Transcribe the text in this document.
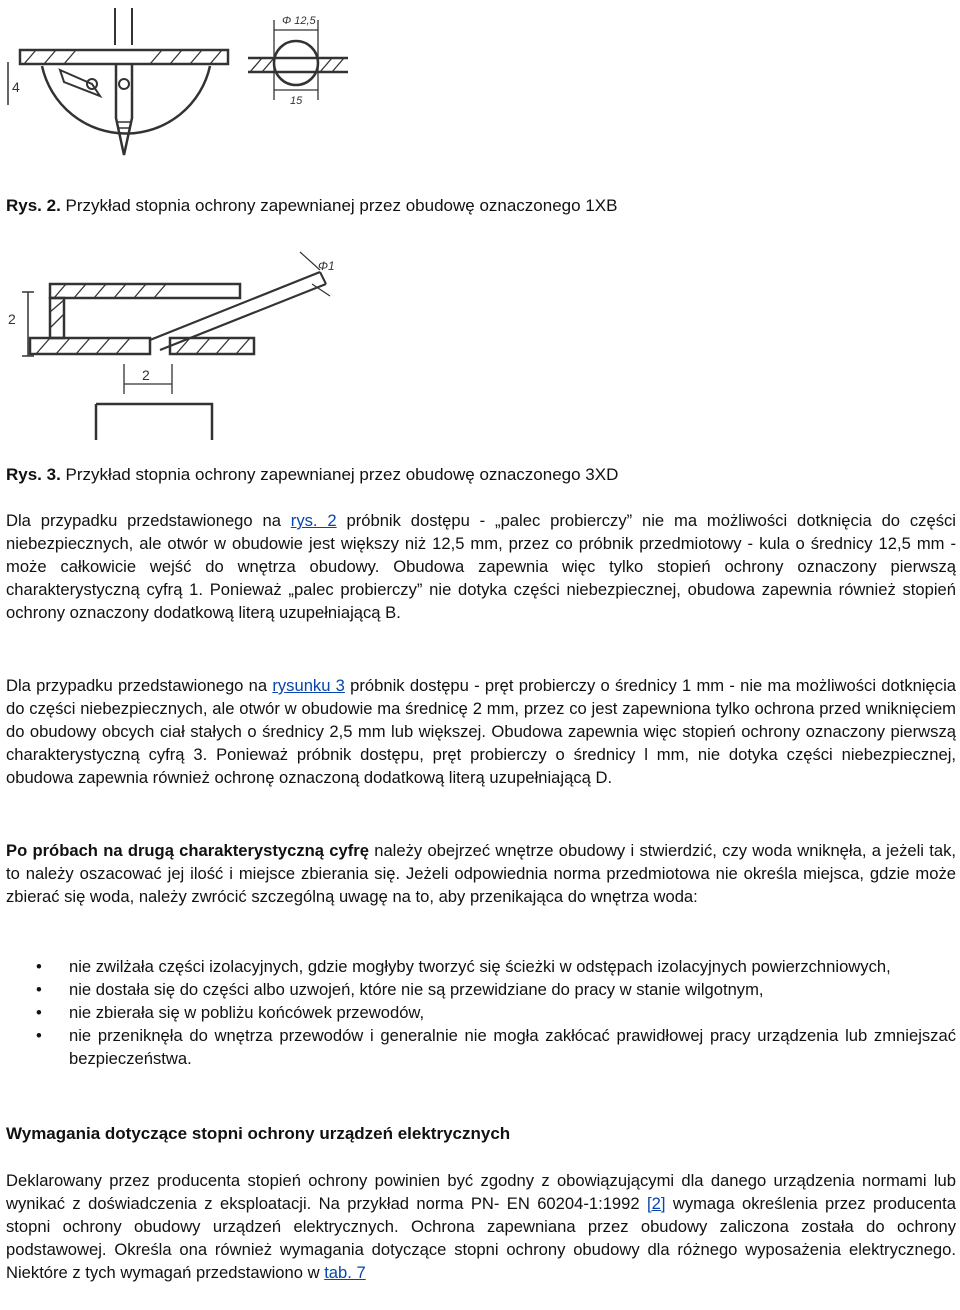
4
Φ 12,5
15

Rys. 2. Przykład stopnia ochrony zapewnianej przez obudowę oznaczonego 1XB

2
Φ1
2

Rys. 3. Przykład stopnia ochrony zapewnianej przez obudowę oznaczonego 3XD

Dla przypadku przedstawionego na rys. 2 próbnik dostępu - „palec probierczy” nie ma możliwości dotknięcia do części niebezpiecznych, ale otwór w obudowie jest większy niż 12,5 mm, przez co próbnik przedmiotowy - kula o średnicy 12,5 mm - może całkowicie wejść do wnętrza obudowy. Obudowa zapewnia więc tylko stopień ochrony oznaczony pierwszą charakterystyczną cyfrą 1. Ponieważ „palec probierczy” nie dotyka części niebezpiecznej, obudowa zapewnia również stopień ochrony oznaczony dodatkową literą uzupełniającą B.

Dla przypadku przedstawionego na rysunku 3 próbnik dostępu - pręt probierczy o średnicy 1 mm - nie ma możliwości dotknięcia do części niebezpiecznych, ale otwór w obudowie ma średnicę 2 mm, przez co jest zapewniona tylko ochrona przed wniknięciem do obudowy obcych ciał stałych o średnicy 2,5 mm lub większej. Obudowa zapewnia więc stopień ochrony oznaczony pierwszą charakterystyczną cyfrą 3. Ponieważ próbnik dostępu, pręt probierczy o średnicy l mm, nie dotyka części niebezpiecznej, obudowa zapewnia również ochronę oznaczoną dodatkową literą uzupełniającą D.

Po próbach na drugą charakterystyczną cyfrę należy obejrzeć wnętrze obudowy i stwierdzić, czy woda wniknęła, a jeżeli tak, to należy oszacować jej ilość i miejsce zbierania się. Jeżeli odpowiednia norma przedmiotowa nie określa miejsca, gdzie może zbierać się woda, należy zwrócić szczególną uwagę na to, aby przenikająca do wnętrza woda:

• nie zwilżała części izolacyjnych, gdzie mogłyby tworzyć się ścieżki w odstępach izolacyjnych powierzchniowych,
• nie dostała się do części albo uzwojeń, które nie są przewidziane do pracy w stanie wilgotnym,
• nie zbierała się w pobliżu końcówek przewodów,
• nie przeniknęła do wnętrza przewodów i generalnie nie mogła zakłócać prawidłowej pracy urządzenia lub zmniejszać bezpieczeństwa.
Wymagania dotyczące stopni ochrony urządzeń elektrycznych

Deklarowany przez producenta stopień ochrony powinien być zgodny z obowiązującymi dla danego urządzenia normami lub wynikać z doświadczenia z eksploatacji. Na przykład norma PN- EN 60204-1:1992 [2] wymaga określenia przez producenta stopni ochrony obudowy urządzeń elektrycznych. Ochrona zapewniana przez obudowy zaliczona została do ochrony podstawowej. Określa ona również wymagania dotyczące stopni ochrony obudowy dla różnego wyposażenia elektrycznego. Niektóre z tych wymagań przedstawiono w tab. 7
